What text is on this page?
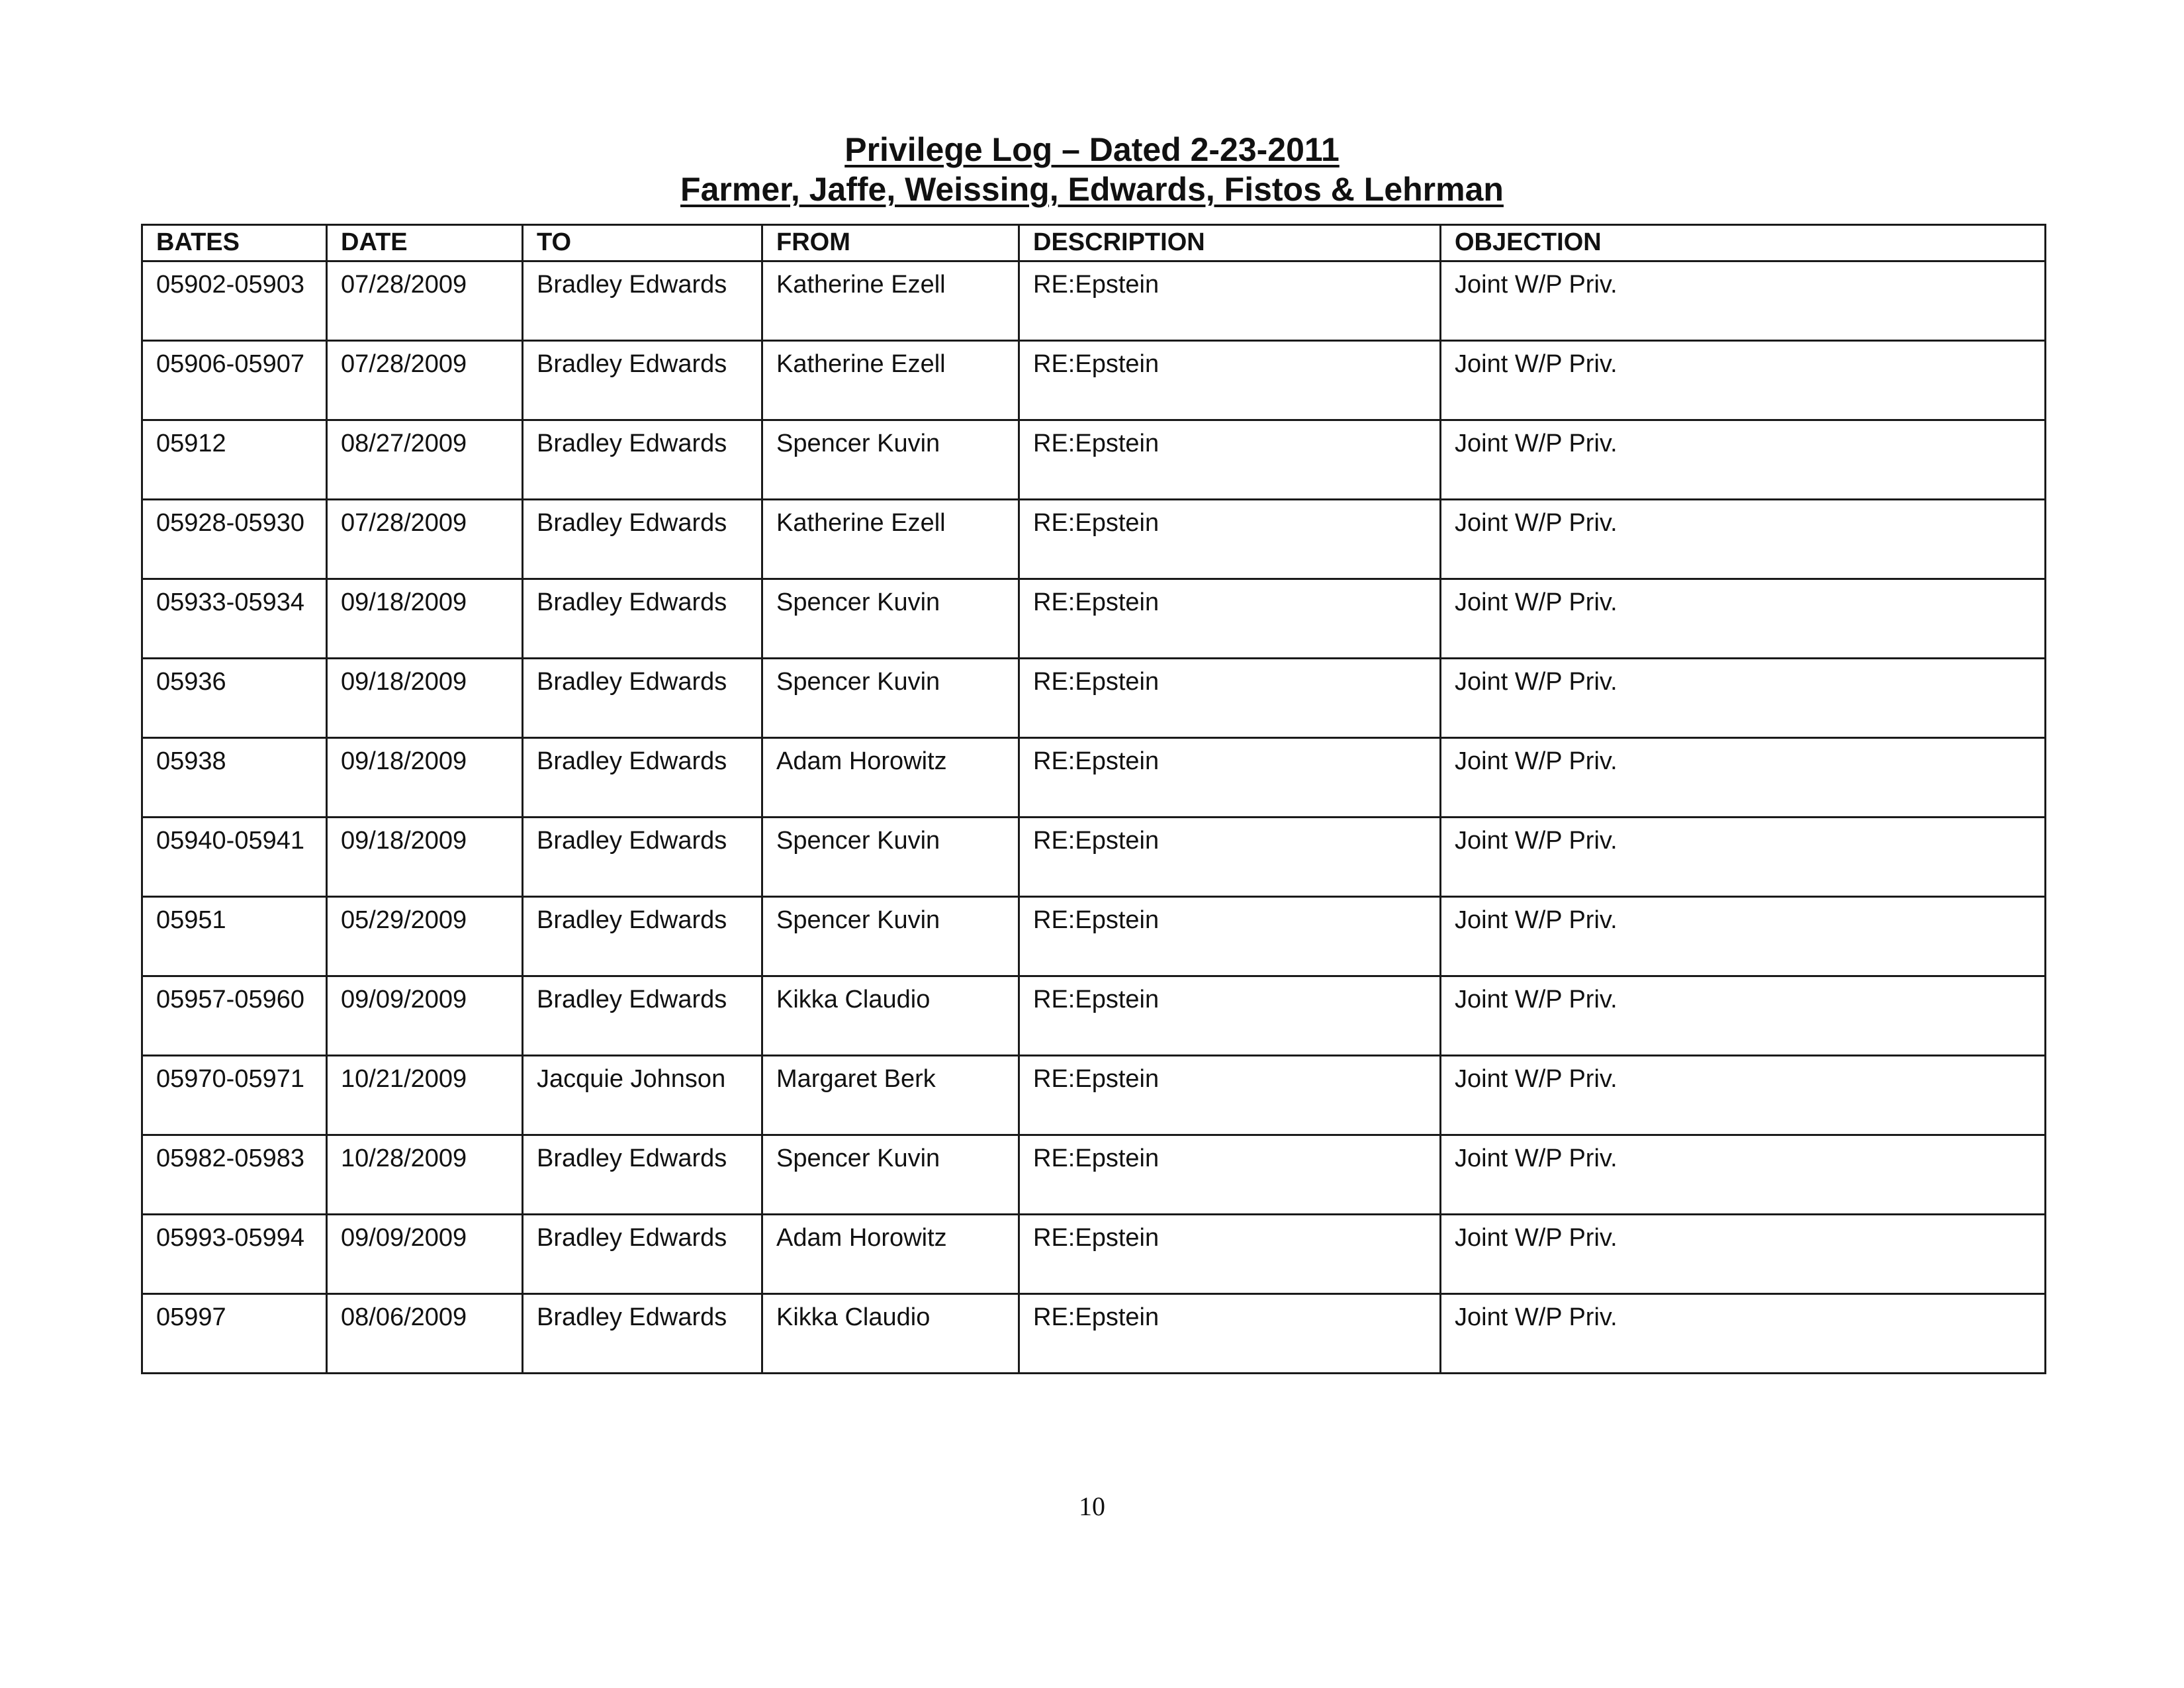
Privilege Log – Dated 2-23-2011
Farmer, Jaffe, Weissing, Edwards, Fistos & Lehrman
BATES	DATE	TO	FROM	DESCRIPTION	OBJECTION
05902-05903	07/28/2009	Bradley Edwards	Katherine Ezell	RE:Epstein	Joint W/P Priv.
05906-05907	07/28/2009	Bradley Edwards	Katherine Ezell	RE:Epstein	Joint W/P Priv.
05912	08/27/2009	Bradley Edwards	Spencer Kuvin	RE:Epstein	Joint W/P Priv.
05928-05930	07/28/2009	Bradley Edwards	Katherine Ezell	RE:Epstein	Joint W/P Priv.
05933-05934	09/18/2009	Bradley Edwards	Spencer Kuvin	RE:Epstein	Joint W/P Priv.
05936	09/18/2009	Bradley Edwards	Spencer Kuvin	RE:Epstein	Joint W/P Priv.
05938	09/18/2009	Bradley Edwards	Adam Horowitz	RE:Epstein	Joint W/P Priv.
05940-05941	09/18/2009	Bradley Edwards	Spencer Kuvin	RE:Epstein	Joint W/P Priv.
05951	05/29/2009	Bradley Edwards	Spencer Kuvin	RE:Epstein	Joint W/P Priv.
05957-05960	09/09/2009	Bradley Edwards	Kikka Claudio	RE:Epstein	Joint W/P Priv.
05970-05971	10/21/2009	Jacquie Johnson	Margaret Berk	RE:Epstein	Joint W/P Priv.
05982-05983	10/28/2009	Bradley Edwards	Spencer Kuvin	RE:Epstein	Joint W/P Priv.
05993-05994	09/09/2009	Bradley Edwards	Adam Horowitz	RE:Epstein	Joint W/P Priv.
05997	08/06/2009	Bradley Edwards	Kikka Claudio	RE:Epstein	Joint W/P Priv.
10
